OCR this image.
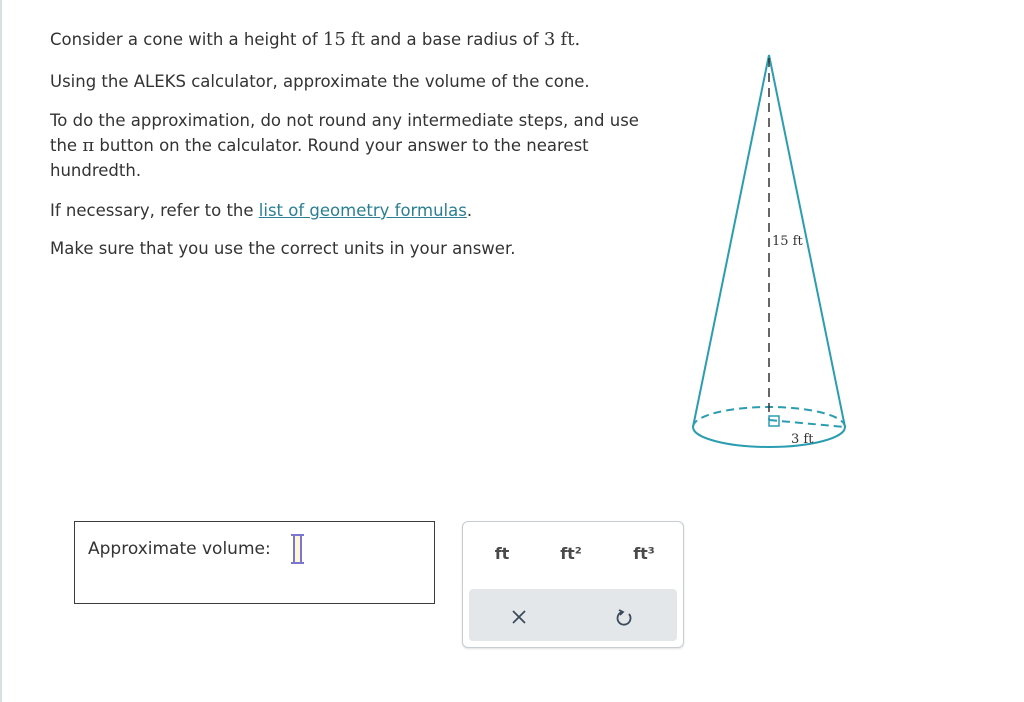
Consider a cone with a height of 15 ft and a base radius of 3 ft.

Using the ALEKS calculator, approximate the volume of the cone.

To do the approximation, do not round any intermediate steps, and use the π button on the calculator. Round your answer to the nearest hundredth.

If necessary, refer to the list of geometry formulas.

Make sure that you use the correct units in your answer.	15 ft
3 ft
Approximate volume:	ft	ft²	ft³
